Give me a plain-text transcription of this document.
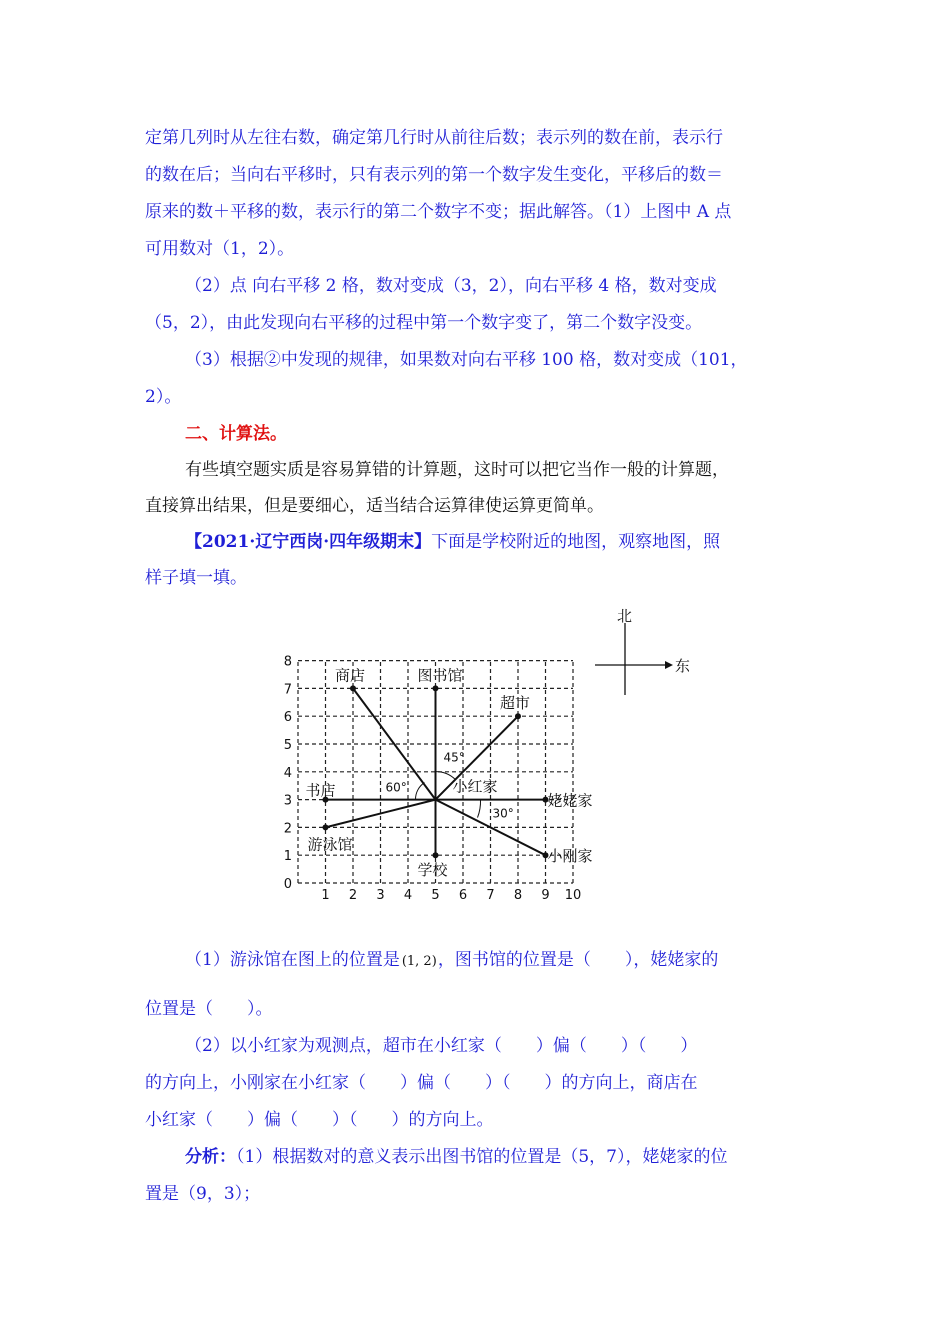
定第几列时从左往右数，确定第几行时从前往后数；表示列的数在前，表示行
的数在后；当向右平移时，只有表示列的第一个数字发生变化，平移后的数＝
原来的数＋平移的数，表示行的第二个数字不变；据此解答。（1）上图中 A 点
可用数对（1，2）。
（2）点 向右平移 2 格，数对变成（3，2），向右平移 4 格，数对变成
（5，2），由此发现向右平移的过程中第一个数字变了，第二个数字没变。
（3）根据②中发现的规律，如果数对向右平移 100 格，数对变成（101，
2）。
二、计算法。
有些填空题实质是容易算错的计算题，这时可以把它当作一般的计算题，
直接算出结果，但是要细心，适当结合运算律使运算更简单。
【2021·辽宁西岗·四年级期末】下面是学校附近的地图，观察地图，照
样子填一填。
1 2 3 4 5 6 7 8 9 10
0
1
2
3
4
5
6
7
8
商店	图书馆
超市
书店
姥姥家
游泳馆
小刚家
学校
小红家
45°
60°
30°
北
东
（1）游泳馆在图上的位置是 (1, 2) ，图书馆的位置是（　　），姥姥家的
位置是（　　）。
（2）以小红家为观测点，超市在小红家（　　）偏（　　）（　　）
的方向上，小刚家在小红家（　　）偏（　　）（　　）的方向上，商店在
小红家（　　）偏（　　）（　　）的方向上。
分析：（1）根据数对的意义表示出图书馆的位置是（5，7），姥姥家的位
置是（9，3）；
